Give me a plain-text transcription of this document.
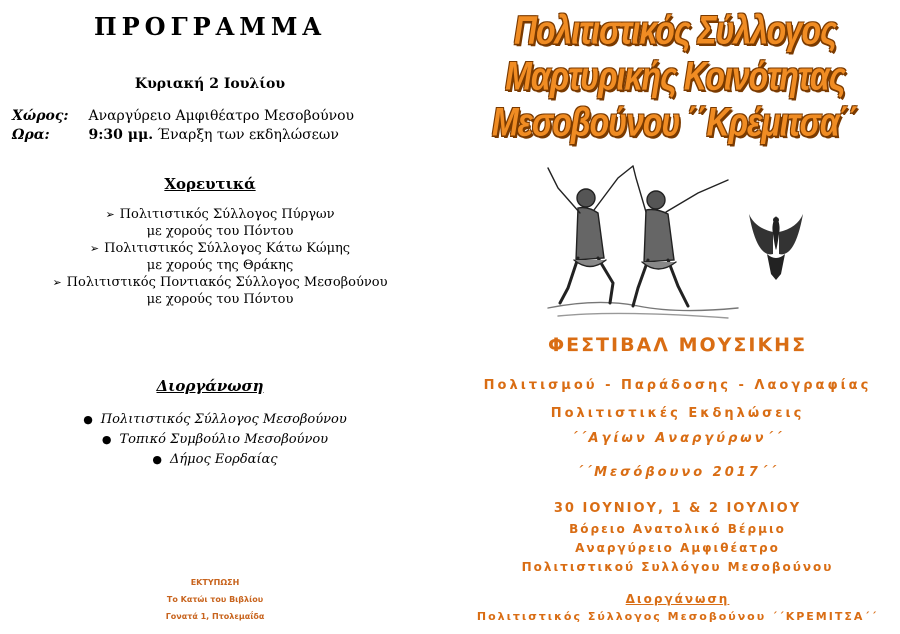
ΠΡΟΓΡΑΜΜΑ
Κυριακή 2 Ιουλίου
Χώρος: Αναργύρειο Αμφιθέατρο Μεσοβούνου
Ωρα:	9:30 μμ. Έναρξη των εκδηλώσεων
Χορευτικά
➢ Πολιτιστικός Σύλλογος Πύργων
με χορούς του Πόντου
➢ Πολιτιστικός Σύλλογος Κάτω Κώμης
με χορούς της Θράκης
➢ Πολιτιστικός Ποντιακός Σύλλογος Μεσοβούνου
με χορούς του Πόντου
Διοργάνωση
● Πολιτιστικός Σύλλογος Μεσοβούνου
● Τοπικό Συμβούλιο Μεσοβούνου
● Δήμος Εορδαίας
ΕΚΤΥΠΩΣΗ
Το Κατώι του Βιβλίου
Γονατά 1, Πτολεμαΐδα
Πολιτιστικός Σύλλογος
Μαρτυρικής Κοινότητας
Μεσοβούνου ΄΄Κρέμιτσα΄΄
ΦΕΣΤΙΒΑΛ ΜΟΥΣΙΚΗΣ
Πολιτισμού - Παράδοσης - Λαογραφίας
Πολιτιστικές Εκδηλώσεις
΄΄Αγίων Αναργύρων΄΄
΄΄Μεσόβουνο 2017΄΄
30 ΙΟΥΝΙΟΥ, 1 & 2 ΙΟΥΛΙΟΥ
Βόρειο Ανατολικό Βέρμιο
Αναργύρειο Αμφιθέατρο
Πολιτιστικού Συλλόγου Μεσοβούνου
Διοργάνωση
Πολιτιστικός Σύλλογος Μεσοβούνου ΄΄ΚΡΕΜΙΤΣΑ΄΄
